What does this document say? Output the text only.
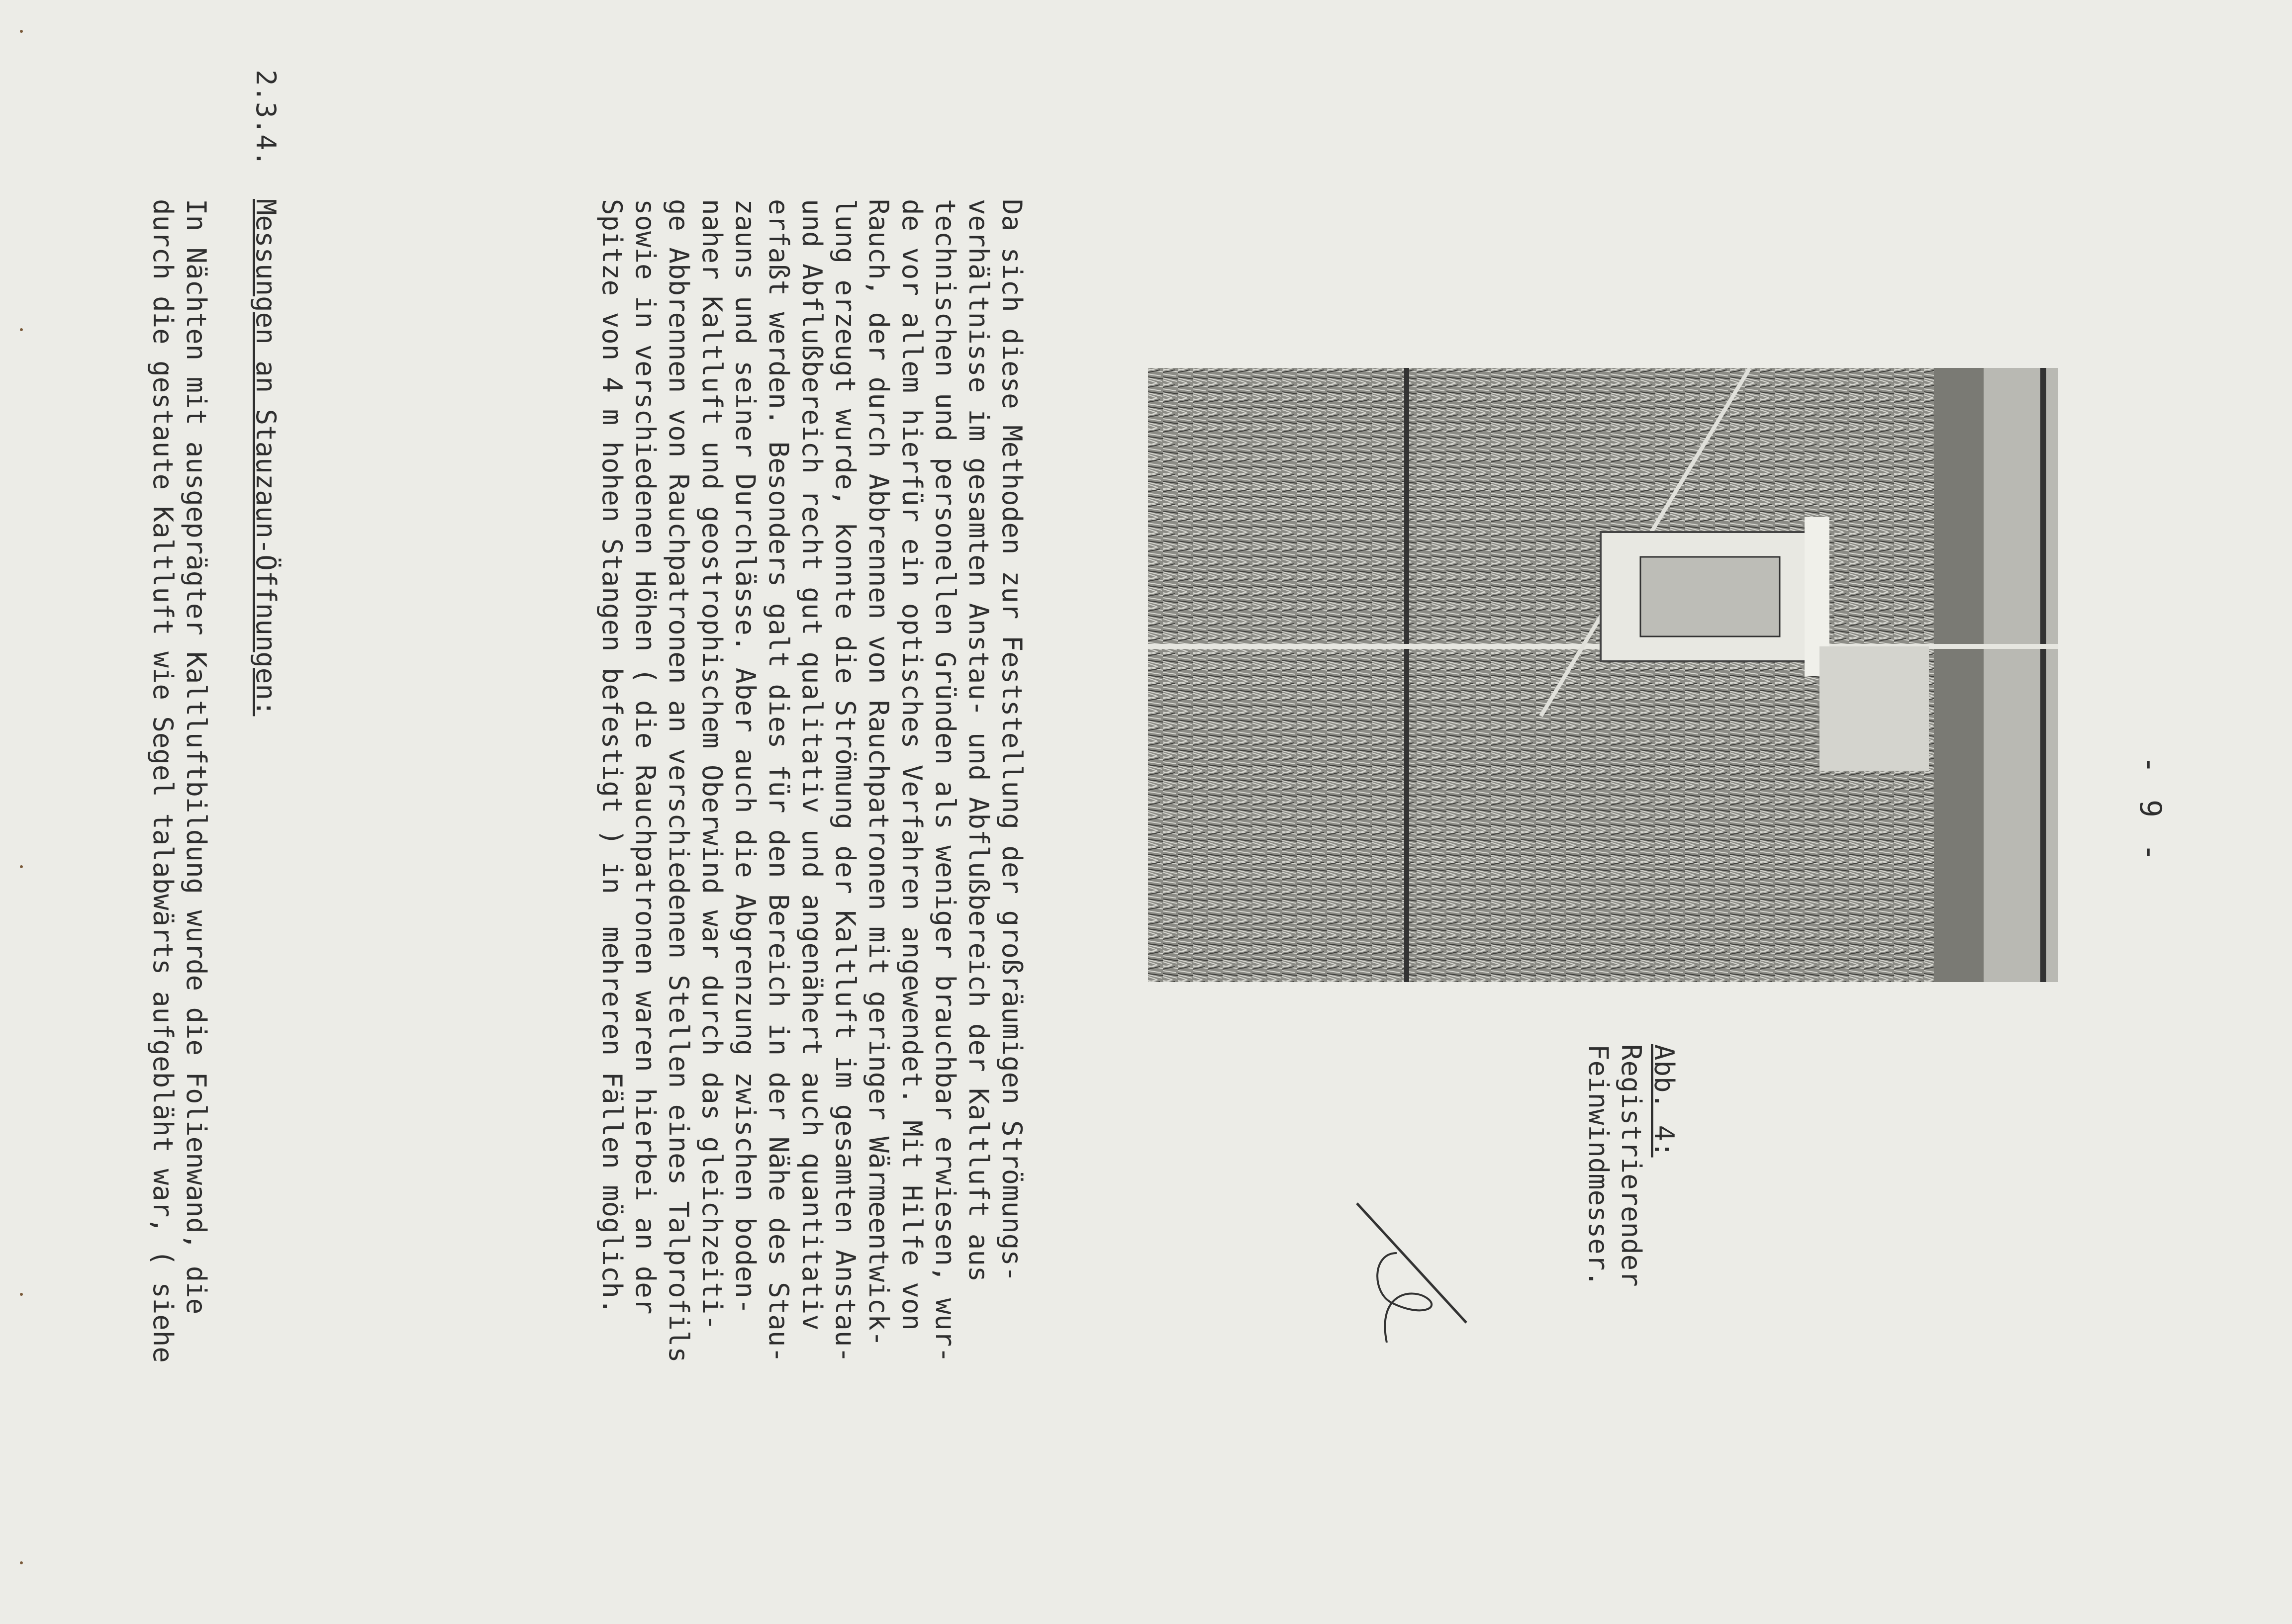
- 9 -
Abb. 4:
Registrierender
Feinwindmesser.
Da sich diese Methoden zur Feststellung der großräumigen Strömungs-
verhältnisse im gesamten Anstau- und Abflußbereich der Kaltluft aus
technischen und personellen Gründen als weniger brauchbar erwiesen, wur-
de vor allem hierfür ein optisches Verfahren angewendet. Mit Hilfe von
Rauch, der durch Abbrennen von Rauchpatronen mit geringer Wärmeentwick-
lung erzeugt wurde, konnte die Strömung der Kaltluft im gesamten Anstau-
und Abflußbereich recht gut qualitativ und angenähert auch quantitativ
erfaßt werden. Besonders galt dies für den Bereich in der Nähe des Stau-
zauns und seiner Durchlässe. Aber auch die Abgrenzung zwischen boden-
naher Kaltluft und geostrophischem Oberwind war durch das gleichzeiti-
ge Abbrennen von Rauchpatronen an verschiedenen Stellen eines Talprofils
sowie in verschiedenen Höhen ( die Rauchpatronen waren hierbei an der
Spitze von 4 m hohen Stangen befestigt ) in  mehreren Fällen möglich.
2.3.4.
Messungen an Stauzaun-Öffnungen:
In Nächten mit ausgeprägter Kaltluftbildung wurde die Folienwand, die
durch die gestaute Kaltluft wie Segel talabwärts aufgebläht war, ( siehe
